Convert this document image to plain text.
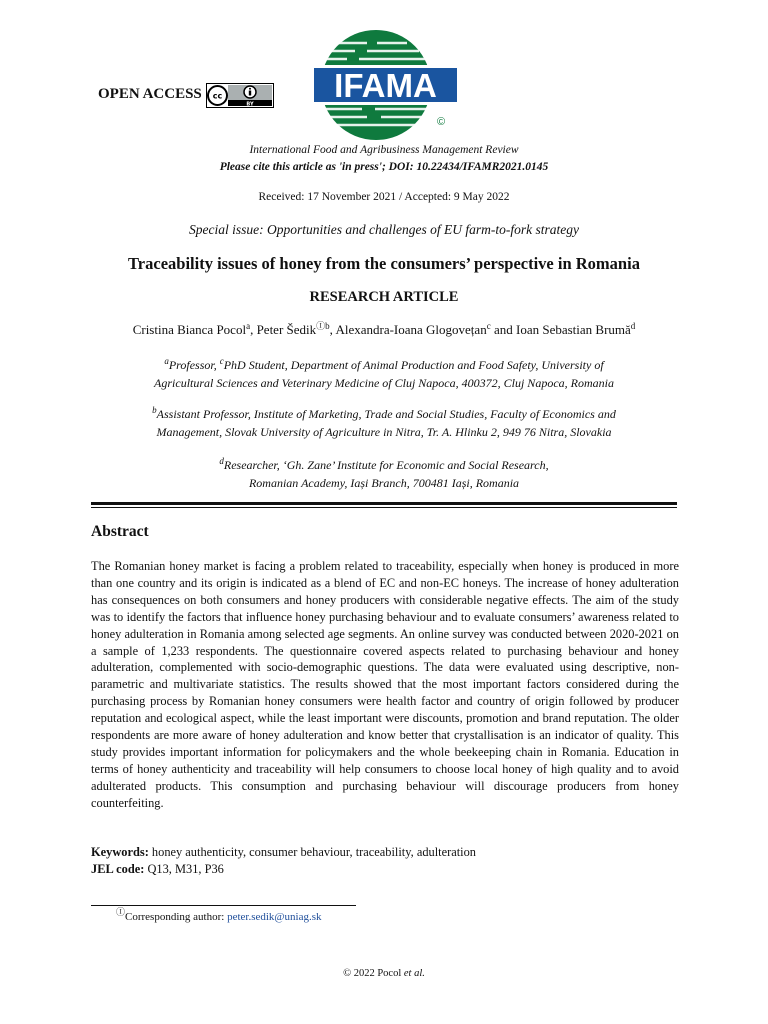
OPEN ACCESS
BY
cc	IFAMA
©
International Food and Agribusiness Management Review
Please cite this article as 'in press'; DOI: 10.22434/IFAMR2021.0145
Received: 17 November 2021 / Accepted: 9 May 2022
Special issue: Opportunities and challenges of EU farm-to-fork strategy
Traceability issues of honey from the consumers’ perspective in Romania
RESEARCH ARTICLE
Cristina Bianca Pocol$^a$, Peter Šedik$^{Ⓘb}$, Alexandra-Ioana Glogovețan$^c$ and Ioan Sebastian Brumă$^d$
$^a$Professor, $^c$PhD Student, Department of Animal Production and Food Safety, University of
Agricultural Sciences and Veterinary Medicine of Cluj Napoca, 400372, Cluj Napoca, Romania
$^b$Assistant Professor, Institute of Marketing, Trade and Social Studies, Faculty of Economics and
Management, Slovak University of Agriculture in Nitra, Tr. A. Hlinku 2, 949 76 Nitra, Slovakia
$^d$Researcher, ‘Gh. Zane’ Institute for Economic and Social Research,
Romanian Academy, Iași Branch, 700481 Iași, Romania
Abstract
The Romanian honey market is facing a problem related to traceability, especially when honey is produced in more than one country and its origin is indicated as a blend of EC and non-EC honeys. The increase of honey adulteration has consequences on both consumers and honey producers with considerable negative effects. The aim of the study was to identify the factors that influence honey purchasing behaviour and to evaluate consumers’ awareness related to honey adulteration in Romania among selected age segments. An online survey was conducted between 2020-2021 on a sample of 1,233 respondents. The questionnaire covered aspects related to purchasing behaviour and honey adulteration, complemented with socio-demographic questions. The data were evaluated using descriptive, non-parametric and multivariate statistics. The results showed that the most important factors considered during the purchasing process by Romanian honey consumers were health factor and country of origin followed by producer reputation and ecological aspect, while the least important were discounts, promotion and brand reputation. The older respondents are more aware of honey adulteration and know better that crystallisation is an indicator of quality. This study provides important information for policymakers and the whole beekeeping chain in Romania. Education in terms of honey authenticity and traceability will help consumers to choose local honey of high quality and to avoid adulterated products. This consumption and purchasing behaviour will discourage producers from honey counterfeiting.
Keywords: honey authenticity, consumer behaviour, traceability, adulteration
JEL code: Q13, M31, P36
ⒾCorresponding author: peter.sedik@uniag.sk
© 2022 Pocol et al.
